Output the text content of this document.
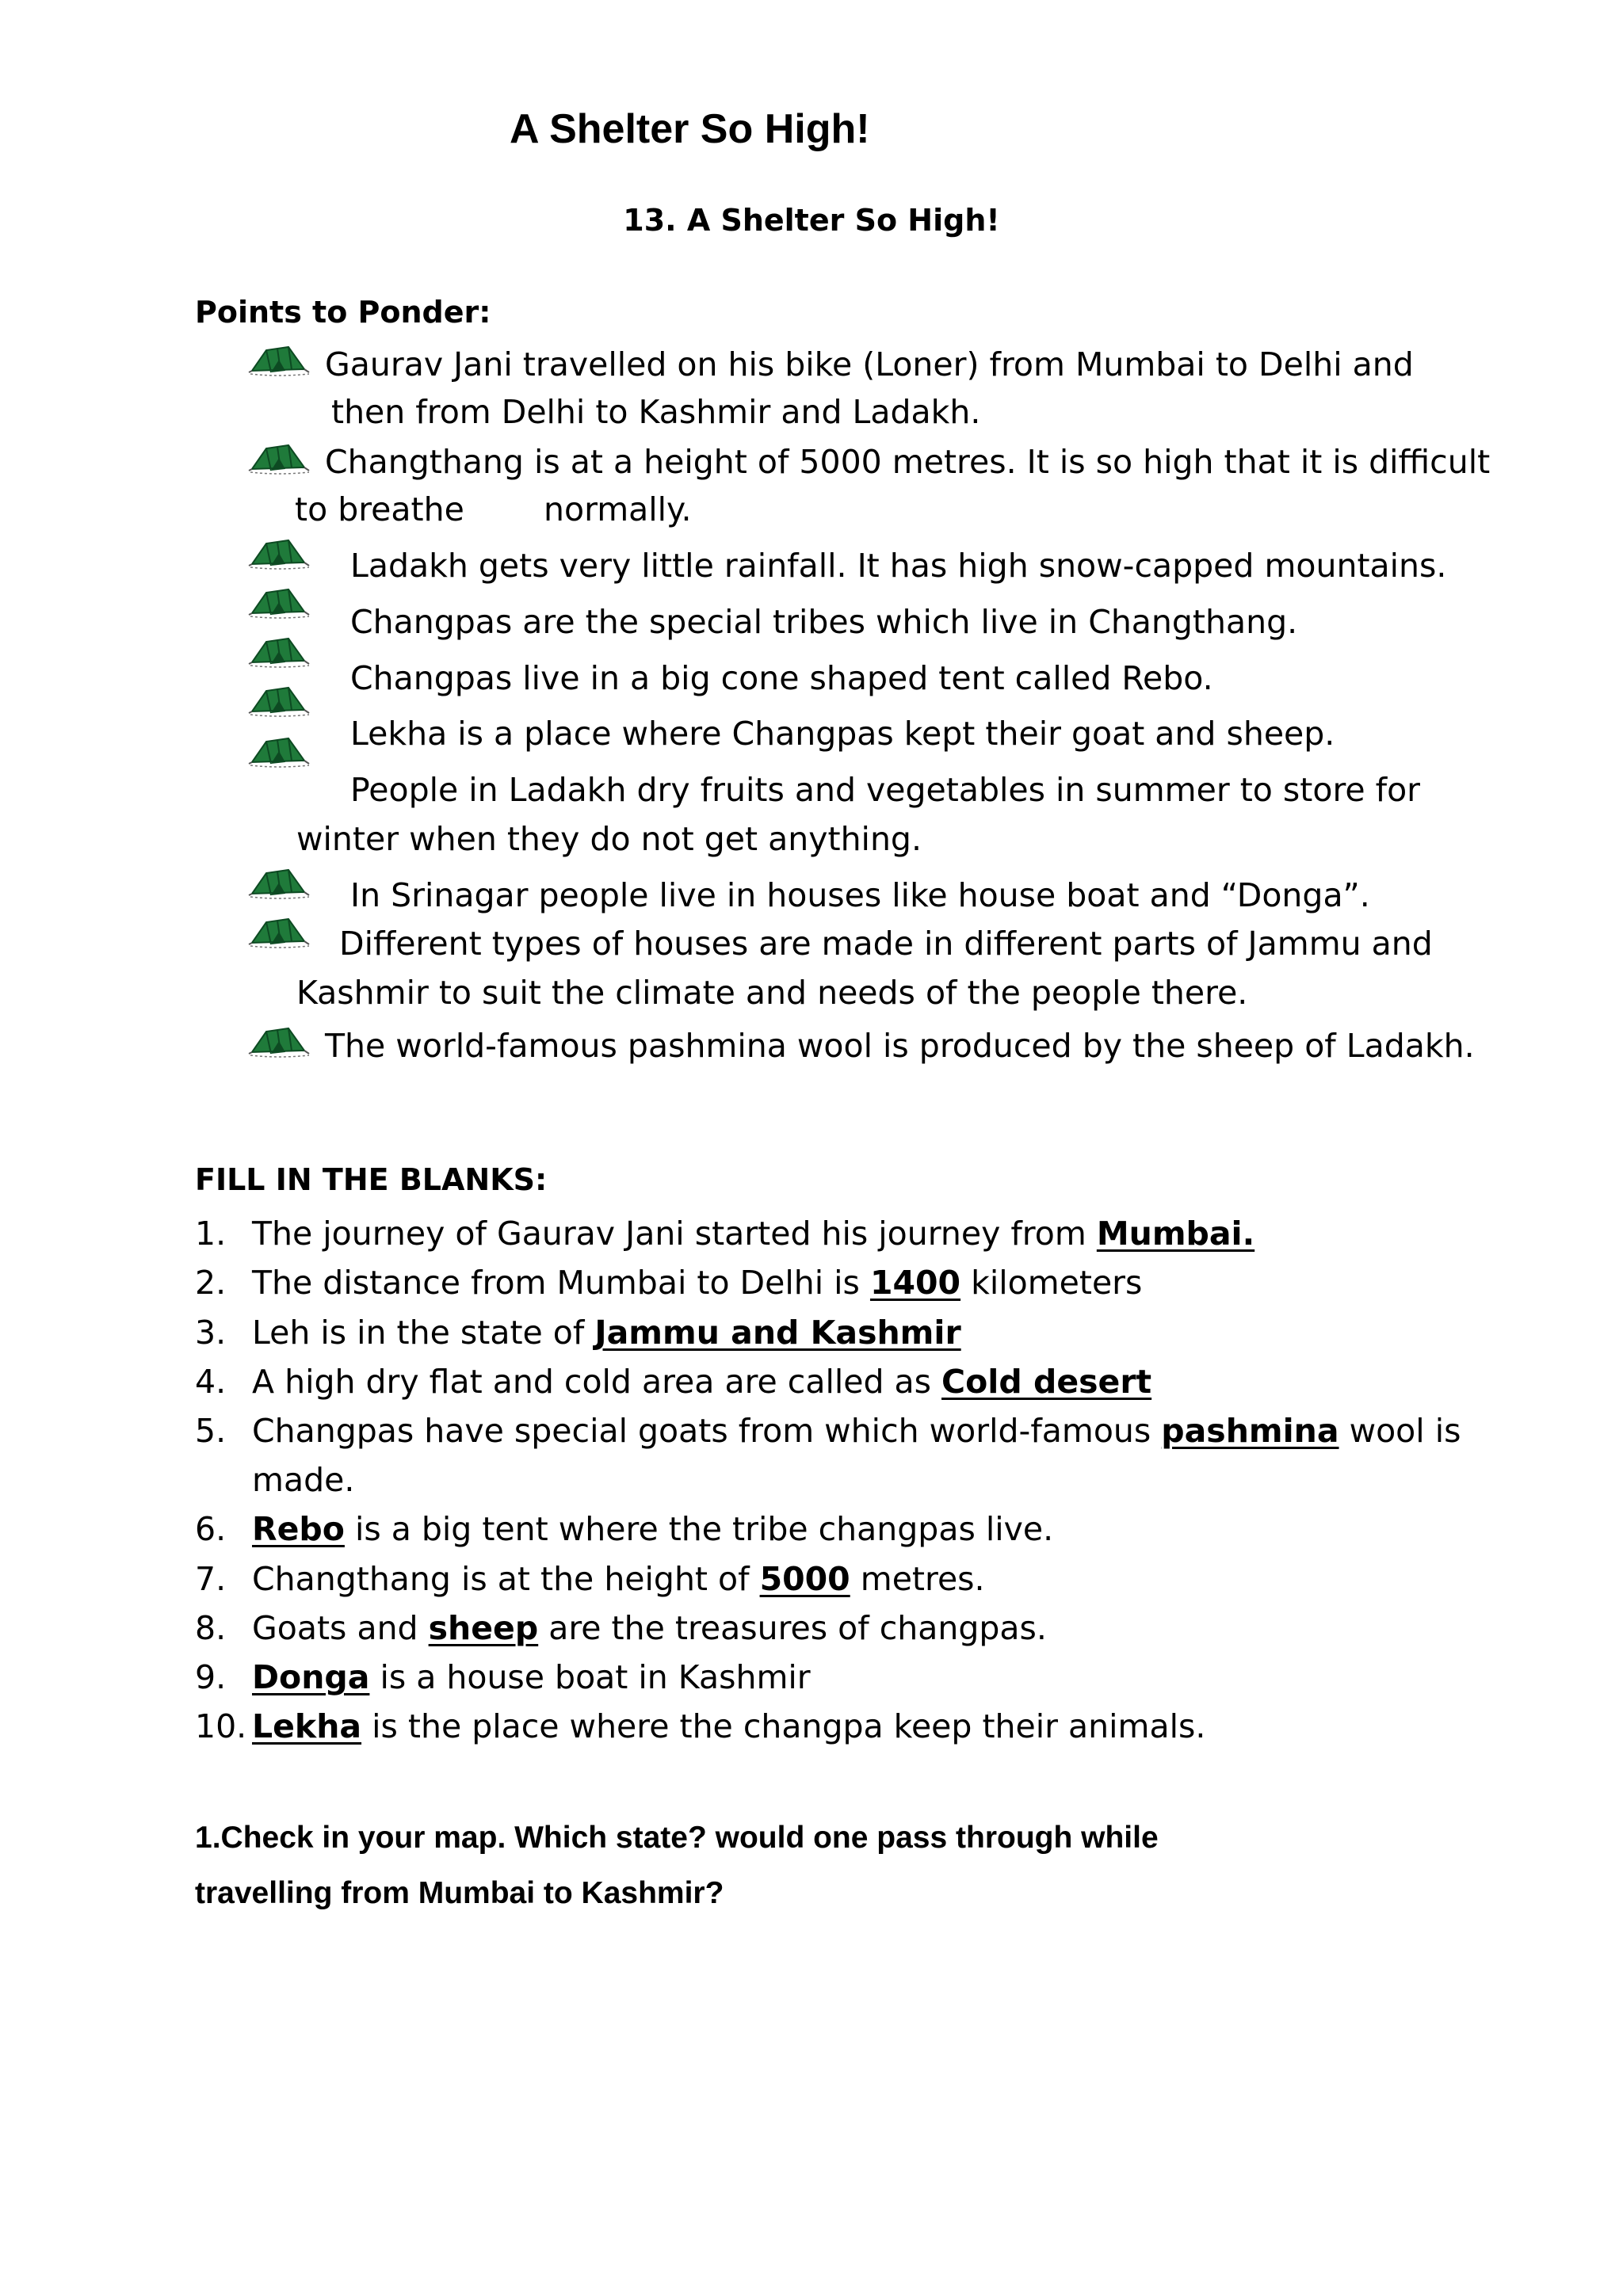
A Shelter So High!
13. A Shelter So High!
Points to Ponder:
Gaurav Jani travelled on his bike (Loner) from Mumbai to Delhi and
then from Delhi to Kashmir and Ladakh.
Changthang is at a height of 5000 metres. It is so high that it is difficult
to breathe normally.
Ladakh gets very little rainfall. It has high snow-capped mountains.
Changpas are the special tribes which live in Changthang.
Changpas live in a big cone shaped tent called Rebo.
Lekha is a place where Changpas kept their goat and sheep.
People in Ladakh dry fruits and vegetables in summer to store for
winter when they do not get anything.
In Srinagar people live in houses like house boat and “Donga”.
Different types of houses are made in different parts of Jammu and
Kashmir to suit the climate and needs of the people there.
The world-famous pashmina wool is produced by the sheep of Ladakh.
FILL IN THE BLANKS:
1. The journey of Gaurav Jani started his journey from Mumbai.
2. The distance from Mumbai to Delhi is 1400 kilometers
3. Leh is in the state of Jammu and Kashmir
4. A high dry flat and cold area are called as Cold desert
5. Changpas have special goats from which world-famous pashmina wool is
made.
6. Rebo is a big tent where the tribe changpas live.
7. Changthang is at the height of 5000 metres.
8. Goats and sheep are the treasures of changpas.
9. Donga is a house boat in Kashmir
10. Lekha is the place where the changpa keep their animals.
1.Check in your map. Which state? would one pass through while
travelling from Mumbai to Kashmir?
